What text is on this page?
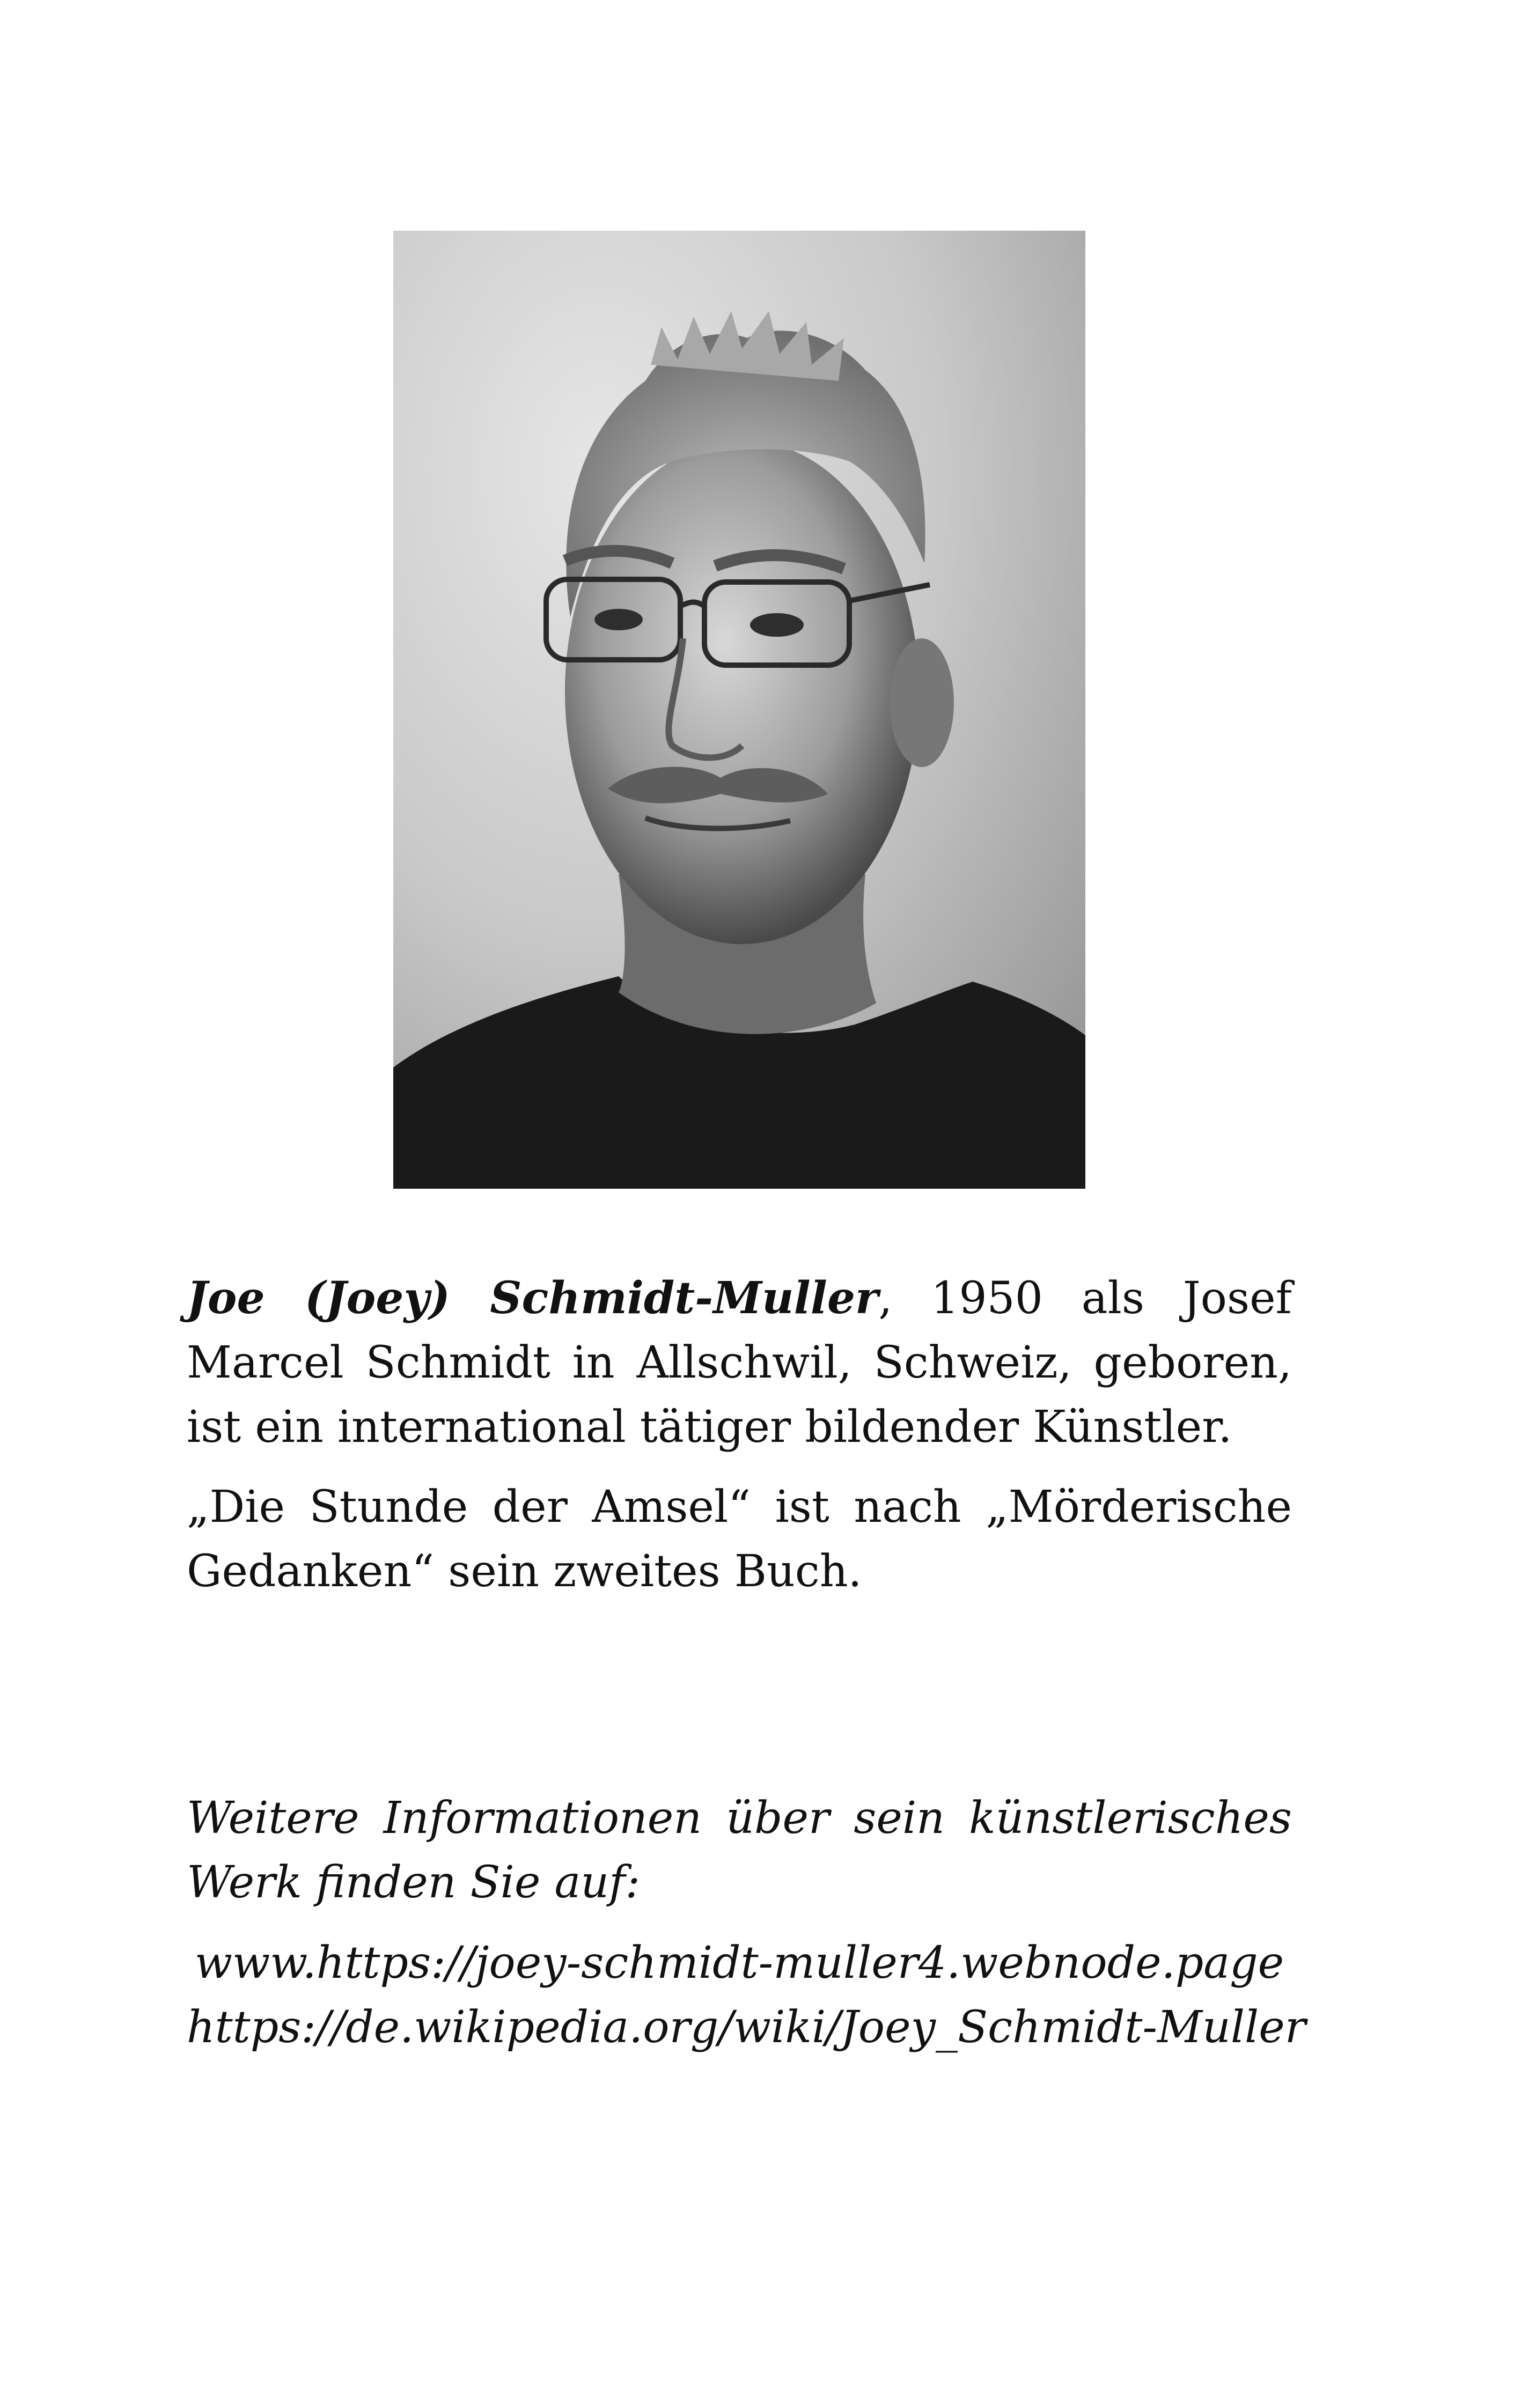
Joe (Joey) Schmidt-Muller, 1950 als Josef Marcel Schmidt in Allschwil, Schweiz, geboren, ist ein international tätiger bildender Künstler.

„Die Stunde der Amsel“ ist nach „Mörderische Gedanken“ sein zweites Buch.

Weitere Informationen über sein künstlerisches Werk finden Sie auf:

www.https://joey-schmidt-muller4.webnode.page
https://de.wikipedia.org/wiki/Joey_Schmidt-Muller
